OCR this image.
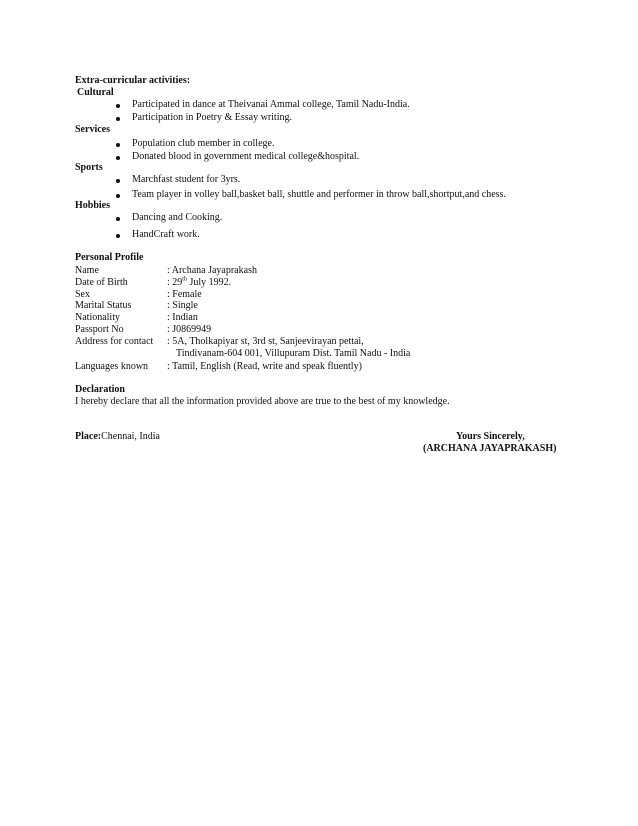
Extra-curricular activities:
Cultural
Participated in dance at Theivanai Ammal college, Tamil Nadu-India.
Participation in Poetry & Essay writing.
Services
Population club member in college.
Donated blood in government medical college&hospital.
Sports
Marchfast student for 3yrs.
Team player in volley ball,basket ball, shuttle and performer in throw ball,shortput,and chess.
Hobbies
Dancing and Cooking.
HandCraft work.
Personal Profile
Name	: Archana Jayaprakash
Date of Birth	: 29th July 1992.
Sex	: Female
Marital Status	: Single
Nationality	: Indian
Passport No	: J0869949
Address for contact : 5A, Tholkapiyar st, 3rd st, Sanjeevirayan pettai,
Tindivanam-604 001, Villupuram Dist. Tamil Nadu - India
Languages known : Tamil, English (Read, write and speak fluently)
Declaration
I hereby declare that all the information provided above are true to the best of my knowledge.
Place:Chennai, India	Yours Sincerely,
(ARCHANA JAYAPRAKASH)
